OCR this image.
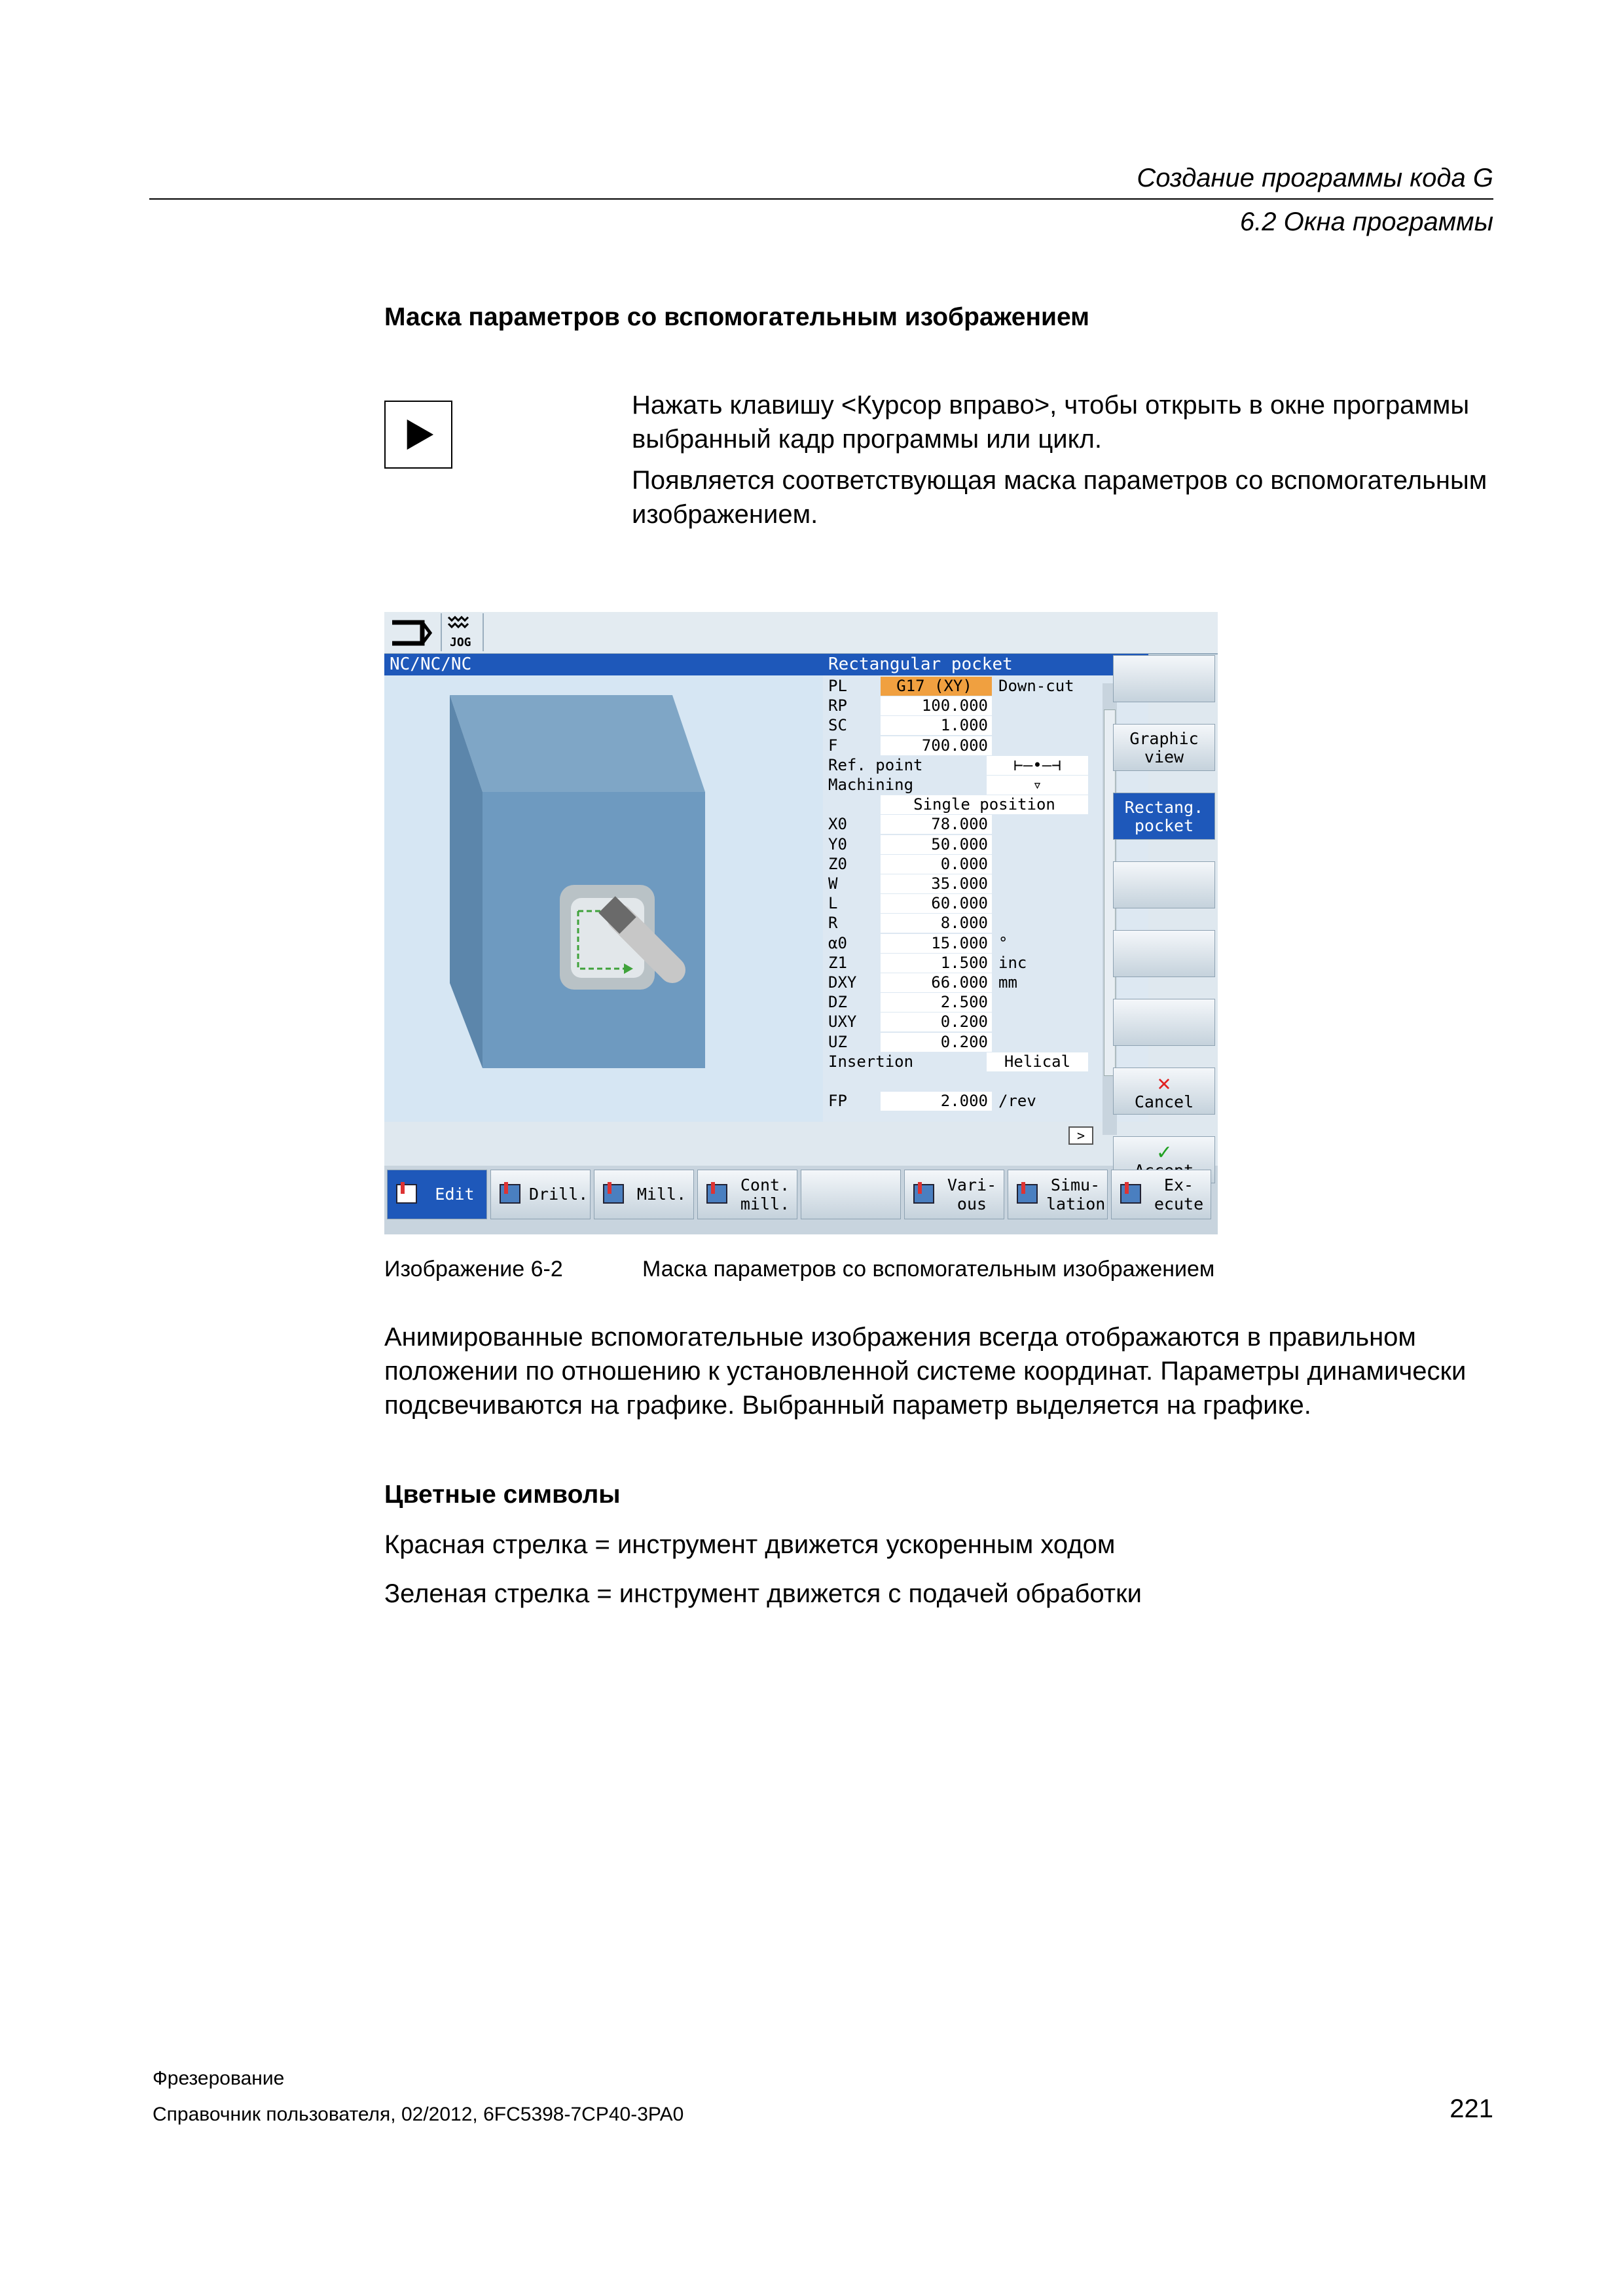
Создание программы кода G
6.2 Окна программы
Маска параметров со вспомогательным изображением

Нажать клавишу <Курсор вправо>, чтобы открыть в окне программы выбранный кадр программы или цикл.

Появляется соответствующая маска параметров со вспомогательным изображением.

JOG
NC/NC/NC	Rectangular pocket
PL	G17 (XY)	Down-cut
RP	100.000
SC	1.000
F	700.000
Ref. point	⊢—•—⊣
Machining	▿
Single position
X0	78.000
Y0	50.000
Z0	0.000
W	35.000
L	60.000
R	8.000
α0	15.000 °
Z1	1.500 inc
DXY	66.000 mm
DZ	2.500
UXY	0.200
UZ	0.200
Insertion	Helical
FP	2.000 /rev
>
Graphic view
Rectang. pocket
✕
Cancel
✓
Edit	Drill.	Mill.	Cont.
mill.
Vari-
ous
Simu-
lation
Ex-
ecute
Изображение 6-2	Маска параметров со вспомогательным изображением

Анимированные вспомогательные изображения всегда отображаются в правильном положении по отношению к установленной системе координат. Параметры динамически подсвечиваются на графике. Выбранный параметр выделяется на графике.

Цветные символы
Красная стрелка = инструмент движется ускоренным ходом
Зеленая стрелка = инструмент движется с подачей обработки
Фрезерование
Справочник пользователя, 02/2012, 6FC5398-7CP40-3PA0	221
